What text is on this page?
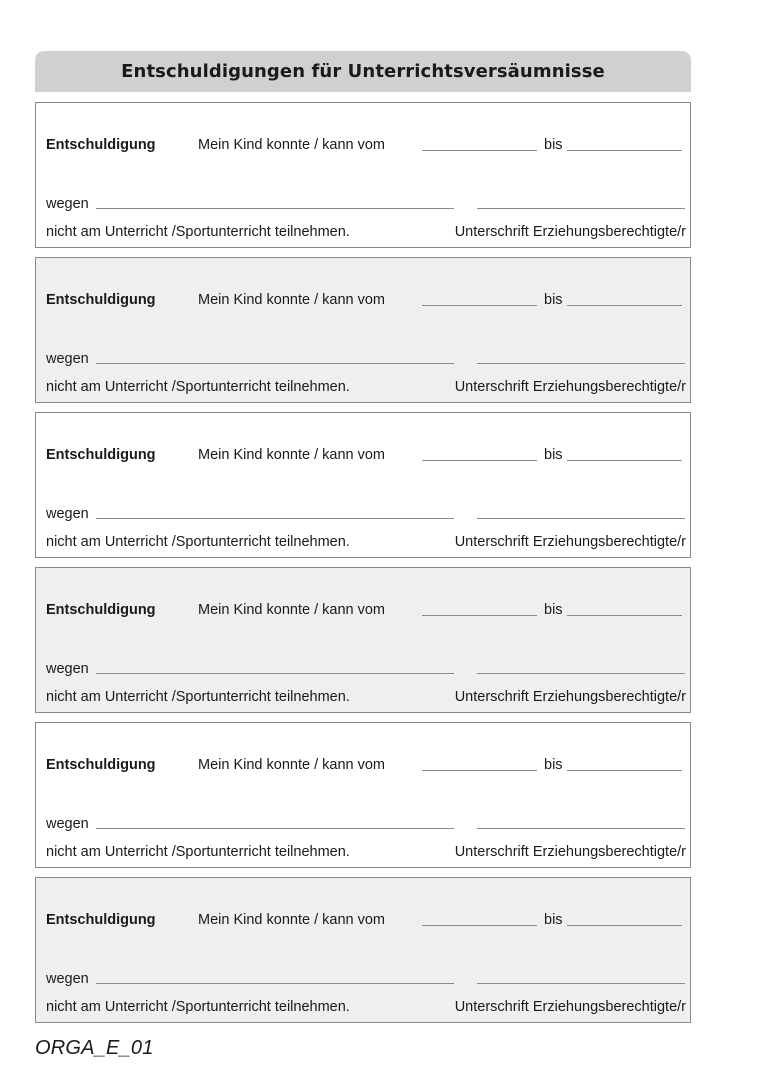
Entschuldigungen für Unterrichtsversäumnisse
Entschuldigung	Mein Kind konnte / kann vom	bis
wegen
nicht am Unterricht /Sportunterricht teilnehmen.	Unterschrift Erziehungsberechtigte/r
Entschuldigung	Mein Kind konnte / kann vom	bis
wegen
nicht am Unterricht /Sportunterricht teilnehmen.	Unterschrift Erziehungsberechtigte/r
Entschuldigung	Mein Kind konnte / kann vom	bis
wegen
nicht am Unterricht /Sportunterricht teilnehmen.	Unterschrift Erziehungsberechtigte/r
Entschuldigung	Mein Kind konnte / kann vom	bis
wegen
nicht am Unterricht /Sportunterricht teilnehmen.	Unterschrift Erziehungsberechtigte/r
Entschuldigung	Mein Kind konnte / kann vom	bis
wegen
nicht am Unterricht /Sportunterricht teilnehmen.	Unterschrift Erziehungsberechtigte/r
Entschuldigung	Mein Kind konnte / kann vom	bis
wegen
nicht am Unterricht /Sportunterricht teilnehmen.	Unterschrift Erziehungsberechtigte/r
ORGA_E_01
